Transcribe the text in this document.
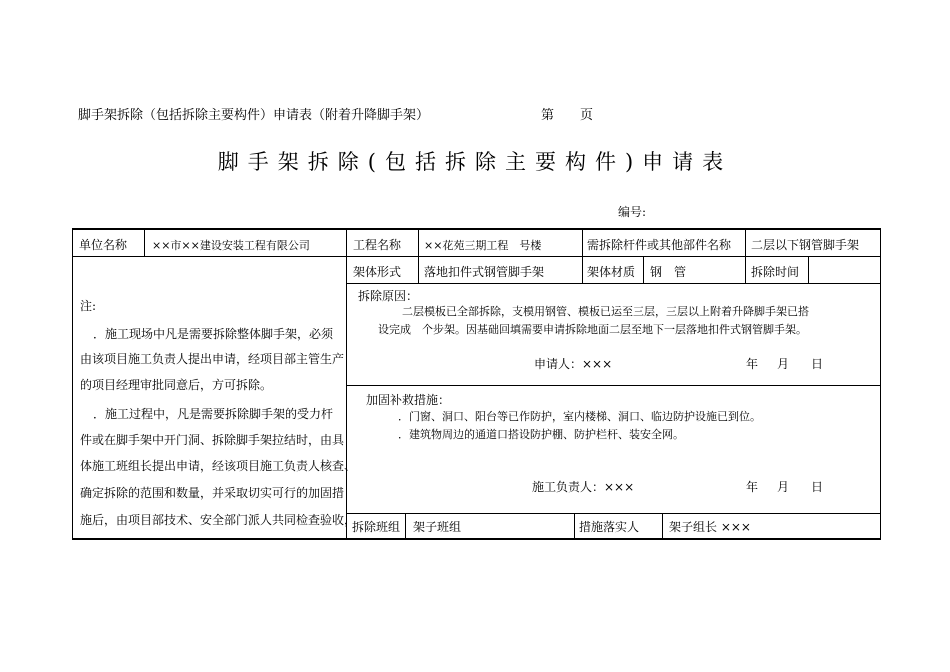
脚手架拆除（包括拆除主要构件）申请表（附着升降脚手架）	第 页
脚手架拆除(包括拆除主要构件)申请表
编号:
单位名称 ××市××建设安装工程有限公司	工程名称 ××花苑三期工程　号楼	需拆除杆件或其他部件名称 二层以下钢管脚手架
架体形式 落地扣件式钢管脚手架	架体材质 钢　管	拆除时间
注:
．施工现场中凡是需要拆除整体脚手架，必须
由该项目施工负责人提出申请，经项目部主管生产
的项目经理审批同意后，方可拆除。
．施工过程中，凡是需要拆除脚手架的受力杆
件或在脚手架中开门洞、拆除脚手架拉结时，由具
体施工班组长提出申请，经该项目施工负责人核查、
确定拆除的范围和数量，并采取切实可行的加固措
施后，由项目部技术、安全部门派人共同检查验收，
拆除原因：
二层模板已全部拆除，支模用钢管、模板已运至三层，三层以上附着升降脚手架已搭
设完成　个步架。因基础回填需要申请拆除地面二层至地下一层落地扣件式钢管脚手架。
申请人：×××	年 月 日
加固补救措施：
．门窗、洞口、阳台等已作防护，室内楼梯、洞口、临边防护设施已到位。
．建筑物周边的通道口搭设防护棚、防护栏杆、装安全网。
施工负责人：×××	年 月 日
拆除班组 架子班组	措施落实人 架子组长 ×××
